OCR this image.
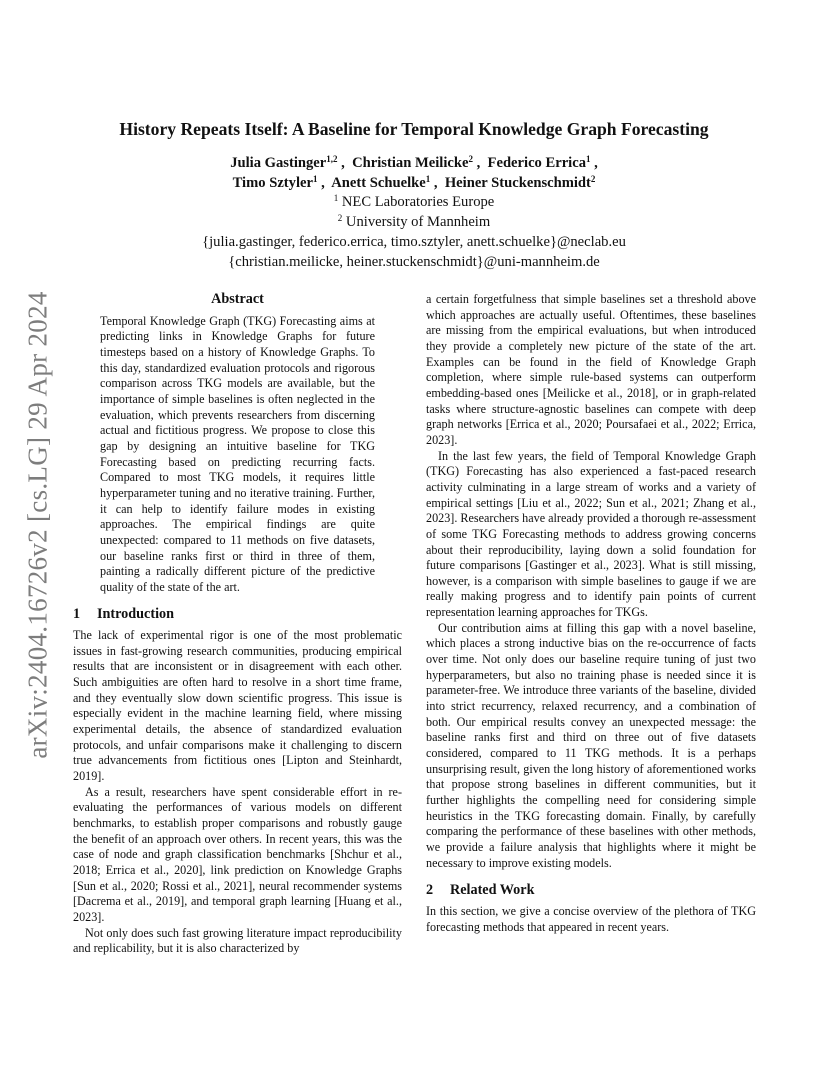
arXiv:2404.16726v2 [cs.LG] 29 Apr 2024
History Repeats Itself: A Baseline for Temporal Knowledge Graph Forecasting
Julia Gastinger$^{1,2}$ ,  Christian Meilicke$^2$ ,  Federico Errica$^1$ ,
Timo Sztyler$^1$ ,  Anett Schuelke$^1$ ,  Heiner Stuckenschmidt$^2$
$^1$ NEC Laboratories Europe
$^2$ University of Mannheim
{julia.gastinger, federico.errica, timo.sztyler, anett.schuelke}@neclab.eu
{christian.meilicke, heiner.stuckenschmidt}@uni-mannheim.de
Abstract

Temporal Knowledge Graph (TKG) Forecasting aims at predicting links in Knowledge Graphs for future timesteps based on a history of Knowledge Graphs. To this day, standardized evaluation protocols and rigorous comparison across TKG models are available, but the importance of simple baselines is often neglected in the evaluation, which prevents researchers from discerning actual and fictitious progress. We propose to close this gap by designing an intuitive baseline for TKG Forecasting based on predicting recurring facts. Compared to most TKG models, it requires little hyperparameter tuning and no iterative training. Further, it can help to identify failure modes in existing approaches. The empirical findings are quite unexpected: compared to 11 methods on five datasets, our baseline ranks first or third in three of them, painting a radically different picture of the predictive quality of the state of the art.

1 Introduction

The lack of experimental rigor is one of the most problematic issues in fast-growing research communities, producing empirical results that are inconsistent or in disagreement with each other. Such ambiguities are often hard to resolve in a short time frame, and they eventually slow down scientific progress. This issue is especially evident in the machine learning field, where missing experimental details, the absence of standardized evaluation protocols, and unfair comparisons make it challenging to discern true advancements from fictitious ones [Lipton and Steinhardt, 2019].

As a result, researchers have spent considerable effort in re-evaluating the performances of various models on different benchmarks, to establish proper comparisons and robustly gauge the benefit of an approach over others. In recent years, this was the case of node and graph classification benchmarks [Shchur et al., 2018; Errica et al., 2020], link prediction on Knowledge Graphs [Sun et al., 2020; Rossi et al., 2021], neural recommender systems [Dacrema et al., 2019], and temporal graph learning [Huang et al., 2023].

Not only does such fast growing literature impact reproducibility and replicability, but it is also characterized by

a certain forgetfulness that simple baselines set a threshold above which approaches are actually useful. Oftentimes, these baselines are missing from the empirical evaluations, but when introduced they provide a completely new picture of the state of the art. Examples can be found in the field of Knowledge Graph completion, where simple rule-based systems can outperform embedding-based ones [Meilicke et al., 2018], or in graph-related tasks where structure-agnostic baselines can compete with deep graph networks [Errica et al., 2020; Poursafaei et al., 2022; Errica, 2023].

In the last few years, the field of Temporal Knowledge Graph (TKG) Forecasting has also experienced a fast-paced research activity culminating in a large stream of works and a variety of empirical settings [Liu et al., 2022; Sun et al., 2021; Zhang et al., 2023]. Researchers have already provided a thorough re-assessment of some TKG Forecasting methods to address growing concerns about their reproducibility, laying down a solid foundation for future comparisons [Gastinger et al., 2023]. What is still missing, however, is a comparison with simple baselines to gauge if we are really making progress and to identify pain points of current representation learning approaches for TKGs.

Our contribution aims at filling this gap with a novel baseline, which places a strong inductive bias on the re-occurrence of facts over time. Not only does our baseline require tuning of just two hyperparameters, but also no training phase is needed since it is parameter-free. We introduce three variants of the baseline, divided into strict recurrency, relaxed recurrency, and a combination of both. Our empirical results convey an unexpected message: the baseline ranks first and third on three out of five datasets considered, compared to 11 TKG methods. It is a perhaps unsurprising result, given the long history of aforementioned works that propose strong baselines in different communities, but it further highlights the compelling need for considering simple heuristics in the TKG forecasting domain. Finally, by carefully comparing the performance of these baselines with other methods, we provide a failure analysis that highlights where it might be necessary to improve existing models.

2 Related Work

In this section, we give a concise overview of the plethora of TKG forecasting methods that appeared in recent years.
